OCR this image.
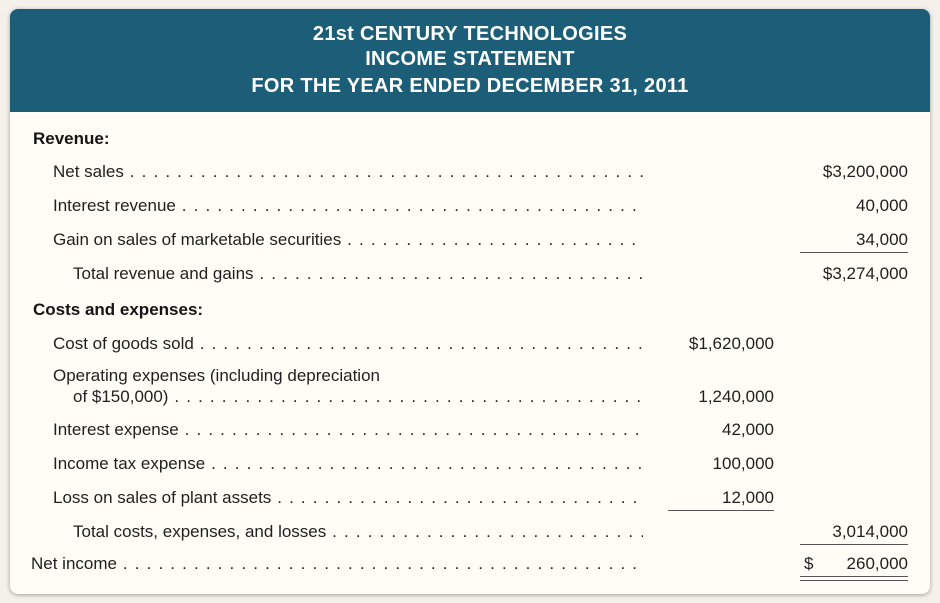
21st CENTURY TECHNOLOGIES
INCOME STATEMENT
FOR THE YEAR ENDED DECEMBER 31, 2011
Revenue:
Net sales . . .	$3,200,000
Interest revenue . . .	40,000
Gain on sales of marketable securities . . .	34,000
Total revenue and gains . . .	$3,274,000
Costs and expenses:
Cost of goods sold . . .	$1,620,000
Operating expenses (including depreciation
of $150,000) . . .	1,240,000
Interest expense . . .	42,000
Income tax expense . . .	100,000
Loss on sales of plant assets . . .	12,000
Total costs, expenses, and losses . . .	3,014,000
Net income . . .	$	260,000
